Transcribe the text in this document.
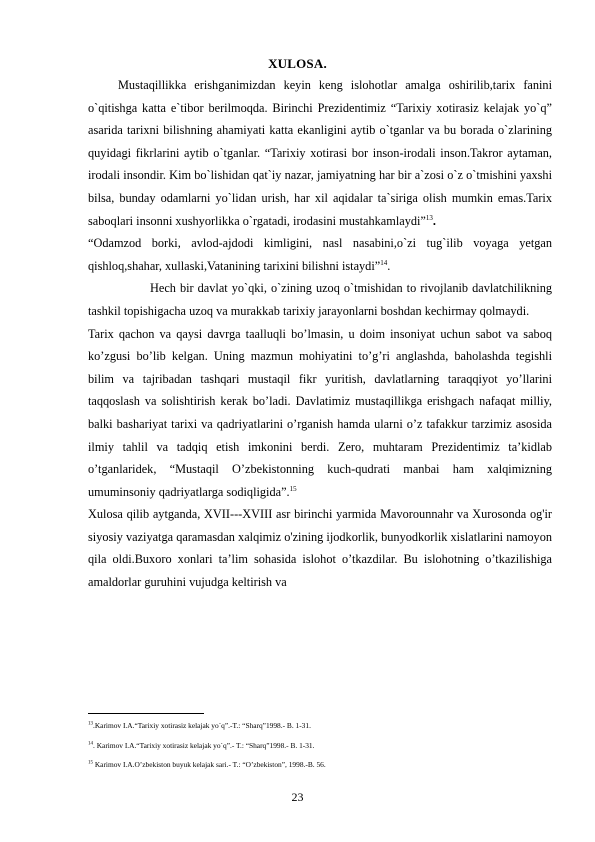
XULOSA.

Mustaqillikka erishganimizdan keyin keng islohotlar amalga oshirilib,tarix fanini o`qitishga katta e`tibor berilmoqda. Birinchi Prezidentimiz “Tarixiy xotirasiz kelajak yo`q” asarida tarixni bilishning ahamiyati katta ekanligini aytib o`tganlar va bu borada o`zlarining quyidagi fikrlarini aytib o`tganlar. “Tarixiy xotirasi bor inson-irodali inson.Takror aytaman, irodali insondir. Kim bo`lishidan qat`iy nazar, jamiyatning har bir a`zosi o`z o`tmishini yaxshi bilsa, bunday odamlarni yo`lidan urish, har xil aqidalar ta`siriga olish mumkin emas.Tarix saboqlari insonni xushyorlikka o`rgatadi, irodasini mustahkamlaydi”$^{13}$.

“Odamzod borki, avlod-ajdodi kimligini, nasl nasabini,o`zi tug`ilib voyaga yetgan qishloq,shahar, xullaski,Vatanining tarixini bilishni istaydi”$^{14}$.

Hech bir davlat yo`qki, o`zining uzoq o`tmishidan to rivojlanib davlatchilikning tashkil topishigacha uzoq va murakkab tarixiy jarayonlarni boshdan kechirmay qolmaydi.

Tarix qachon va qaysi davrga taalluqli bo’lmasin, u doim insoniyat uchun sabot va saboq ko’zgusi bo’lib kelgan. Uning mazmun mohiyatini to’g’ri anglashda, baholashda tegishli bilim va tajribadan tashqari mustaqil fikr yuritish, davlatlarning taraqqiyot yo’llarini taqqoslash va solishtirish kerak bo’ladi. Davlatimiz mustaqillikga erishgach nafaqat milliy, balki bashariyat tarixi va qadriyatlarini o’rganish hamda ularni o’z tafakkur tarzimiz asosida ilmiy tahlil va tadqiq etish imkonini berdi. Zero, muhtaram Prezidentimiz ta’kidlab o’tganlaridek, “Mustaqil O’zbekistonning kuch-qudrati manbai ham xalqimizning umuminsoniy qadriyatlarga sodiqligida”.$^{15}$

Xulosa qilib aytganda, XVII---XVIII asr birinchi yarmida Mavorounnahr va Xurosonda og'ir siyosiy vaziyatga qaramasdan xalqimiz o'zining ijodkorlik, bunyodkorlik xislatlarini namoyon qila oldi.Buxoro xonlari ta’lim sohasida islohot o’tkazdilar. Bu islohotning o’tkazilishiga amaldorlar guruhini vujudga keltirish va

$^{13}$.Karimov I.A.“Tarixiy xotirasiz kelajak yo`q”.-T.: “Sharq”1998.- B. 1-31.
$^{14}$. Karimov I.A.“Tarixiy xotirasiz kelajak yo`q”.- T.: “Sharq”1998.- B. 1-31.
$^{15}$ Karimov I.A.O’zbekiston buyuk kelajak sari.- T.: “O’zbekiston”, 1998.-B. 56.
23
